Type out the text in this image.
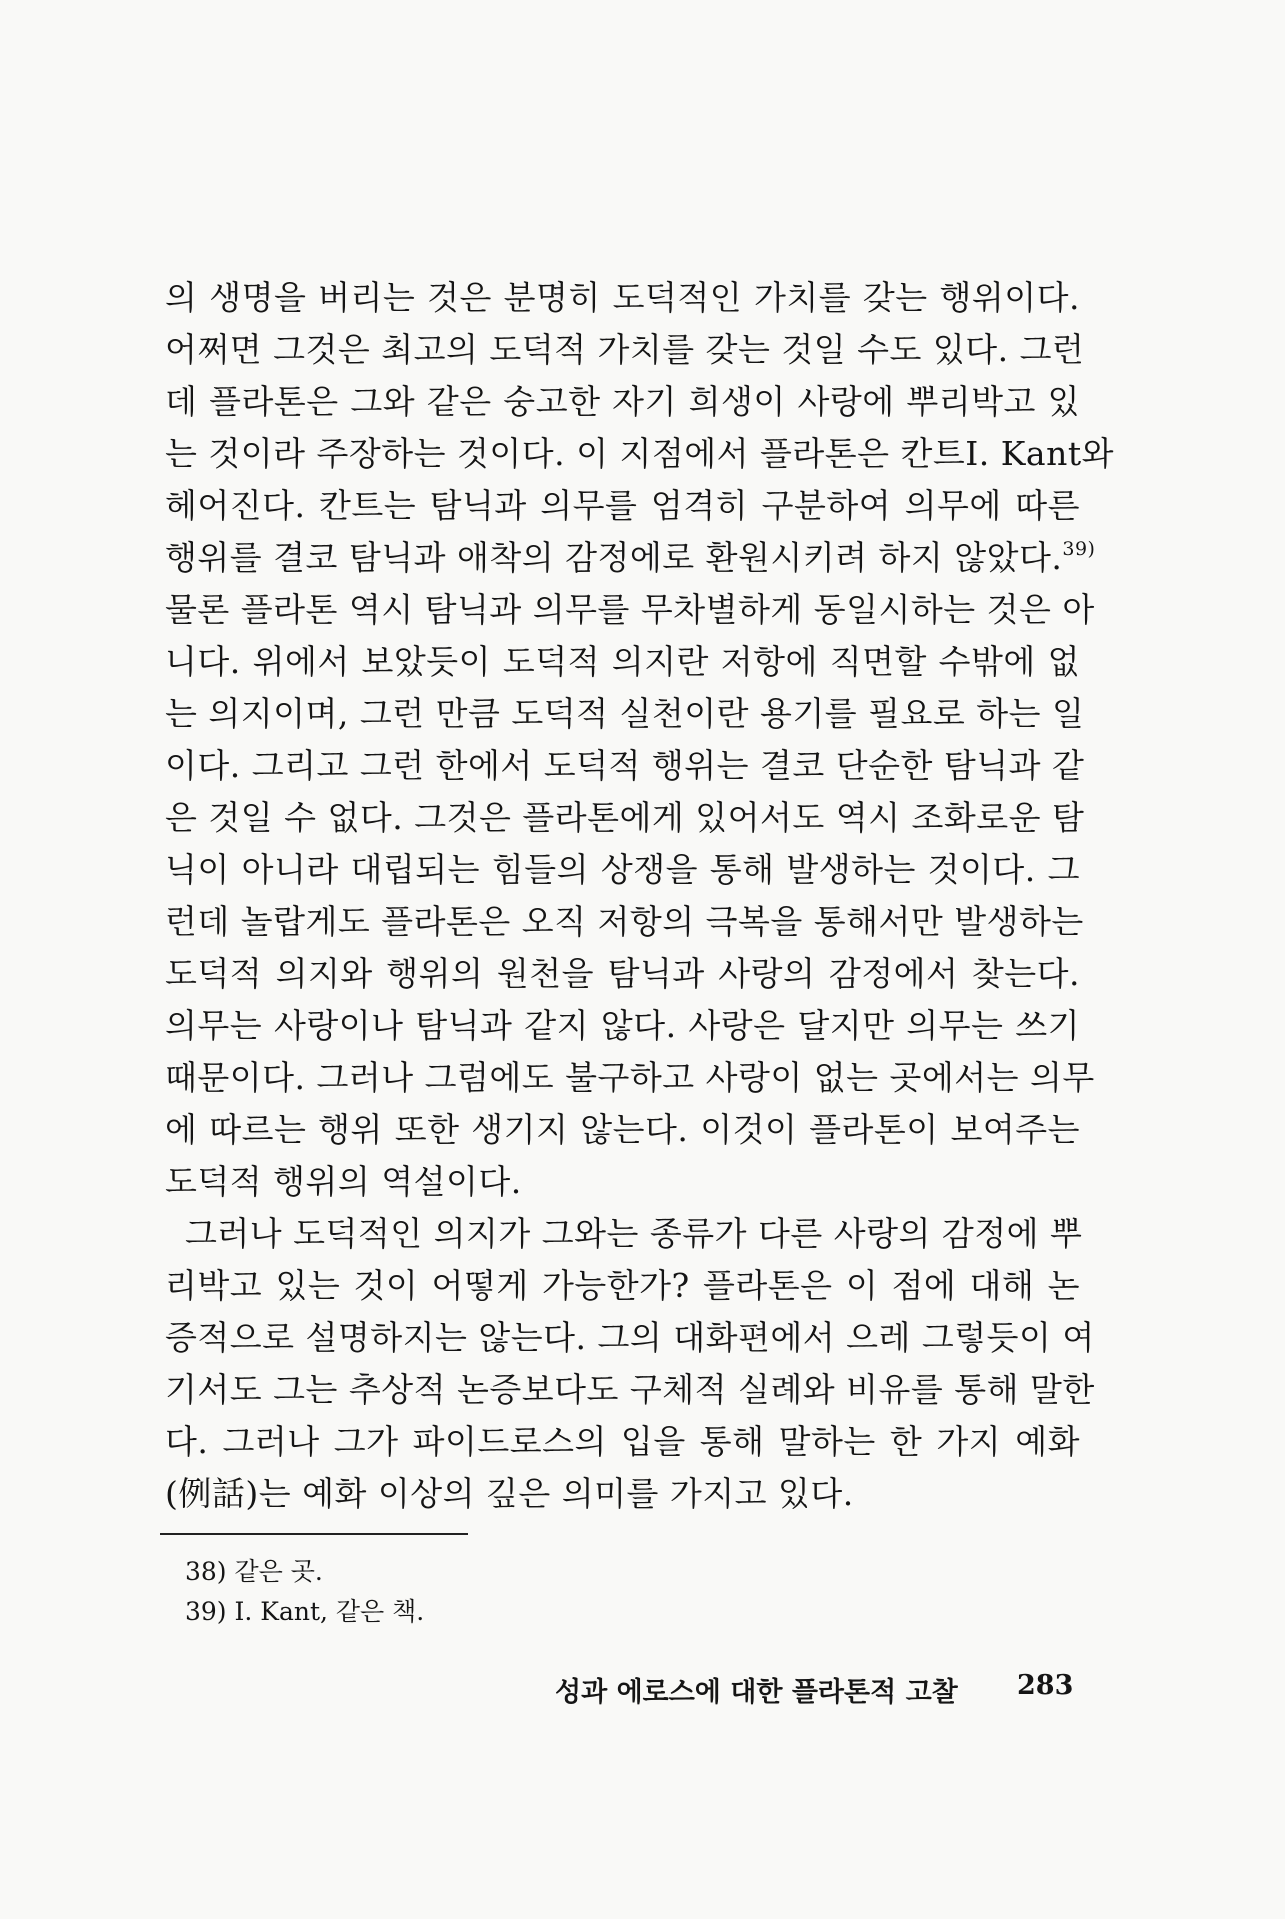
의 생명을 버리는 것은 분명히 도덕적인 가치를 갖는 행위이다.
어쩌면 그것은 최고의 도덕적 가치를 갖는 것일 수도 있다. 그런
데 플라톤은 그와 같은 숭고한 자기 희생이 사랑에 뿌리박고 있
는 것이라 주장하는 것이다. 이 지점에서 플라톤은 칸트I. Kant와
헤어진다. 칸트는 탐닉과 의무를 엄격히 구분하여 의무에 따른
행위를 결코 탐닉과 애착의 감정에로 환원시키려 하지 않았다.$^{39)}$
물론 플라톤 역시 탐닉과 의무를 무차별하게 동일시하는 것은 아
니다. 위에서 보았듯이 도덕적 의지란 저항에 직면할 수밖에 없
는 의지이며, 그런 만큼 도덕적 실천이란 용기를 필요로 하는 일
이다. 그리고 그런 한에서 도덕적 행위는 결코 단순한 탐닉과 같
은 것일 수 없다. 그것은 플라톤에게 있어서도 역시 조화로운 탐
닉이 아니라 대립되는 힘들의 상쟁을 통해 발생하는 것이다. 그
런데 놀랍게도 플라톤은 오직 저항의 극복을 통해서만 발생하는
도덕적 의지와 행위의 원천을 탐닉과 사랑의 감정에서 찾는다.
의무는 사랑이나 탐닉과 같지 않다. 사랑은 달지만 의무는 쓰기
때문이다. 그러나 그럼에도 불구하고 사랑이 없는 곳에서는 의무
에 따르는 행위 또한 생기지 않는다. 이것이 플라톤이 보여주는
도덕적 행위의 역설이다.
그러나 도덕적인 의지가 그와는 종류가 다른 사랑의 감정에 뿌
리박고 있는 것이 어떻게 가능한가? 플라톤은 이 점에 대해 논
증적으로 설명하지는 않는다. 그의 대화편에서 으레 그렇듯이 여
기서도 그는 추상적 논증보다도 구체적 실례와 비유를 통해 말한
다. 그러나 그가 파이드로스의 입을 통해 말하는 한 가지 예화
(例話)는 예화 이상의 깊은 의미를 가지고 있다.
38) 같은 곳.
39) I. Kant, 같은 책.
성과 에로스에 대한 플라톤적 고찰 283
